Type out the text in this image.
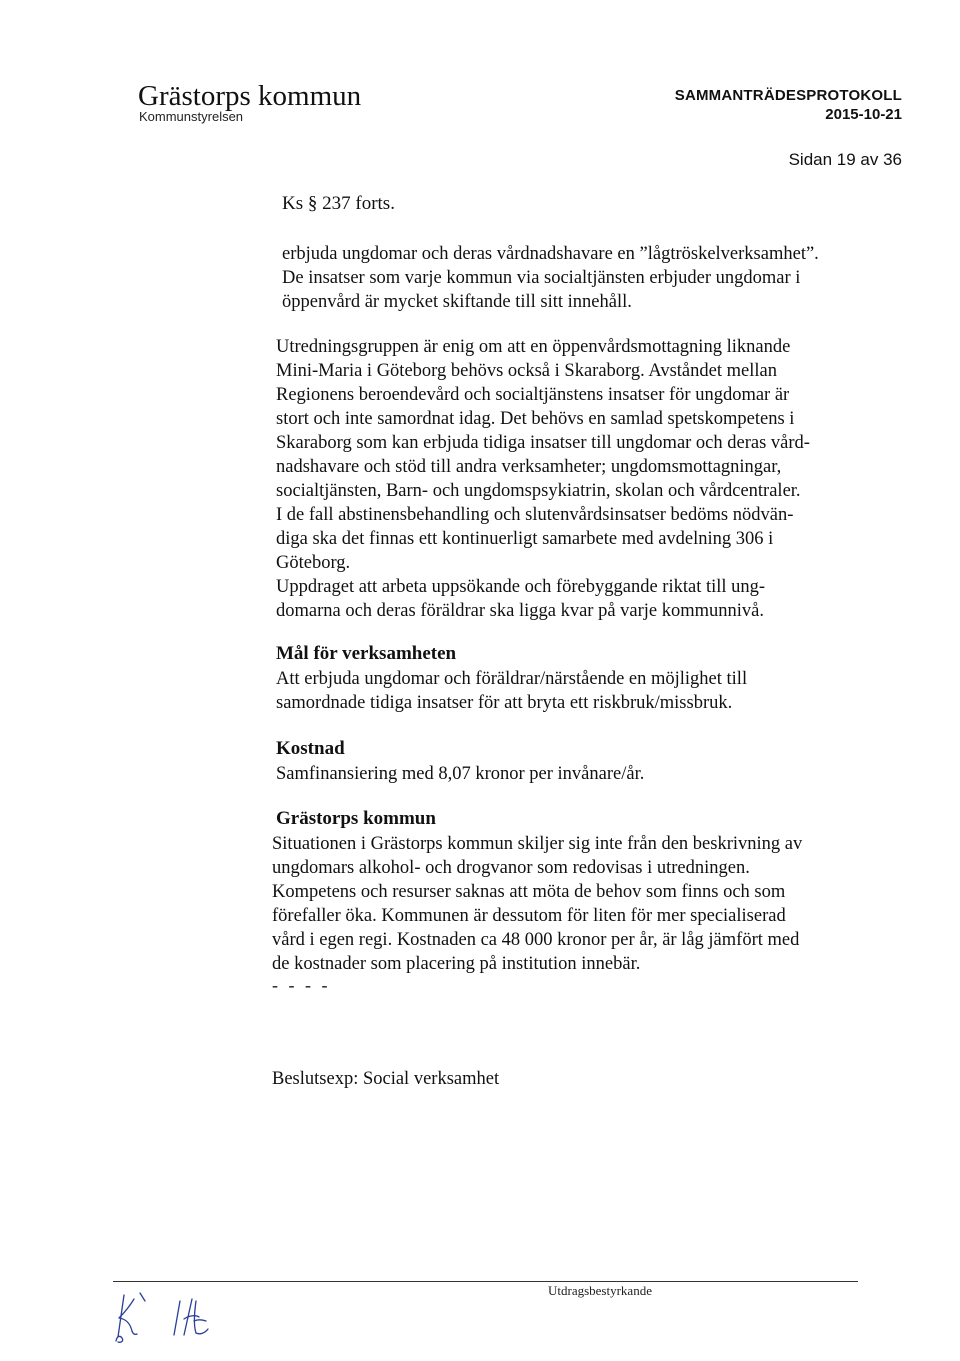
Grästorps kommun
Kommunstyrelsen
SAMMANTRÄDESPROTOKOLL
2015-10-21
Sidan 19 av 36
Ks § 237 forts.
erbjuda ungdomar och deras vårdnadshavare en ”lågtröskelverksamhet”.
De insatser som varje kommun via socialtjänsten erbjuder ungdomar i
öppenvård är mycket skiftande till sitt innehåll.
Utredningsgruppen är enig om att en öppenvårdsmottagning liknande
Mini-Maria i Göteborg behövs också i Skaraborg. Avståndet mellan
Regionens beroendevård och socialtjänstens insatser för ungdomar är
stort och inte samordnat idag. Det behövs en samlad spetskompetens i
Skaraborg som kan erbjuda tidiga insatser till ungdomar och deras vård-
nadshavare och stöd till andra verksamheter; ungdomsmottagningar,
socialtjänsten, Barn- och ungdomspsykiatrin, skolan och vårdcentraler.
I de fall abstinensbehandling och slutenvårdsinsatser bedöms nödvän-
diga ska det finnas ett kontinuerligt samarbete med avdelning 306 i
Göteborg.
Uppdraget att arbeta uppsökande och förebyggande riktat till ung-
domarna och deras föräldrar ska ligga kvar på varje kommunnivå.
Mål för verksamheten
Att erbjuda ungdomar och föräldrar/närstående en möjlighet till
samordnade tidiga insatser för att bryta ett riskbruk/missbruk.
Kostnad
Samfinansiering med 8,07 kronor per invånare/år.
Grästorps kommun
Situationen i Grästorps kommun skiljer sig inte från den beskrivning av
ungdomars alkohol- och drogvanor som redovisas i utredningen.
Kompetens och resurser saknas att möta de behov som finns och som
förefaller öka. Kommunen är dessutom för liten för mer specialiserad
vård i egen regi. Kostnaden ca 48 000 kronor per år, är låg jämfört med
de kostnader som placering på institution innebär.
- - - -
Beslutsexp: Social verksamhet
Utdragsbestyrkande
